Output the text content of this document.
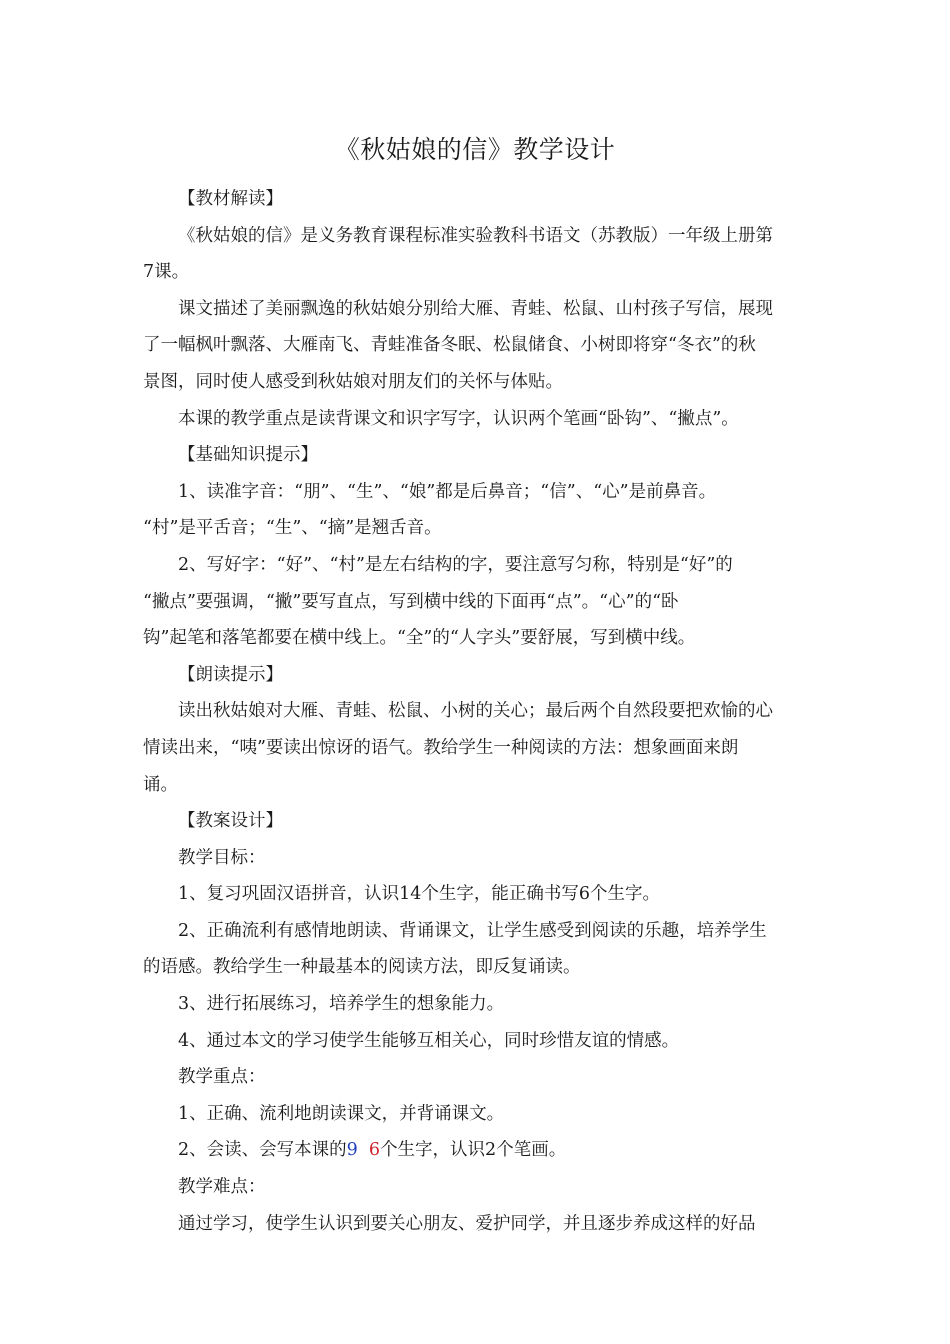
《秋姑娘的信》教学设计

【教材解读】

《秋姑娘的信》是义务教育课程标准实验教科书语文（苏教版）一年级上册第

7课。

课文描述了美丽飘逸的秋姑娘分别给大雁、青蛙、松鼠、山村孩子写信，展现

了一幅枫叶飘落、大雁南飞、青蛙准备冬眠、松鼠储食、小树即将穿“冬衣”的秋

景图，同时使人感受到秋姑娘对朋友们的关怀与体贴。

本课的教学重点是读背课文和识字写字，认识两个笔画“卧钩”、“撇点”。

【基础知识提示】

1、读准字音：“朋”、“生”、“娘”都是后鼻音；“信”、“心”是前鼻音。

“村”是平舌音；“生”、“摘”是翘舌音。

2、写好字：“好”、“村”是左右结构的字，要注意写匀称，特别是“好”的

“撇点”要强调，“撇”要写直点，写到横中线的下面再“点”。“心”的“卧

钩”起笔和落笔都要在横中线上。“全”的“人字头”要舒展，写到横中线。

【朗读提示】

读出秋姑娘对大雁、青蛙、松鼠、小树的关心；最后两个自然段要把欢愉的心

情读出来，“咦”要读出惊讶的语气。教给学生一种阅读的方法：想象画面来朗

诵。

【教案设计】

教学目标：

1、复习巩固汉语拼音，认识14个生字，能正确书写6个生字。

2、正确流利有感情地朗读、背诵课文，让学生感受到阅读的乐趣，培养学生

的语感。教给学生一种最基本的阅读方法，即反复诵读。

3、进行拓展练习，培养学生的想象能力。

4、通过本文的学习使学生能够互相关心，同时珍惜友谊的情感。

教学重点：

1、正确、流利地朗读课文，并背诵课文。

2、会读、会写本课的9 6个生字，认识2个笔画。

教学难点：

通过学习，使学生认识到要关心朋友、爱护同学，并且逐步养成这样的好品
